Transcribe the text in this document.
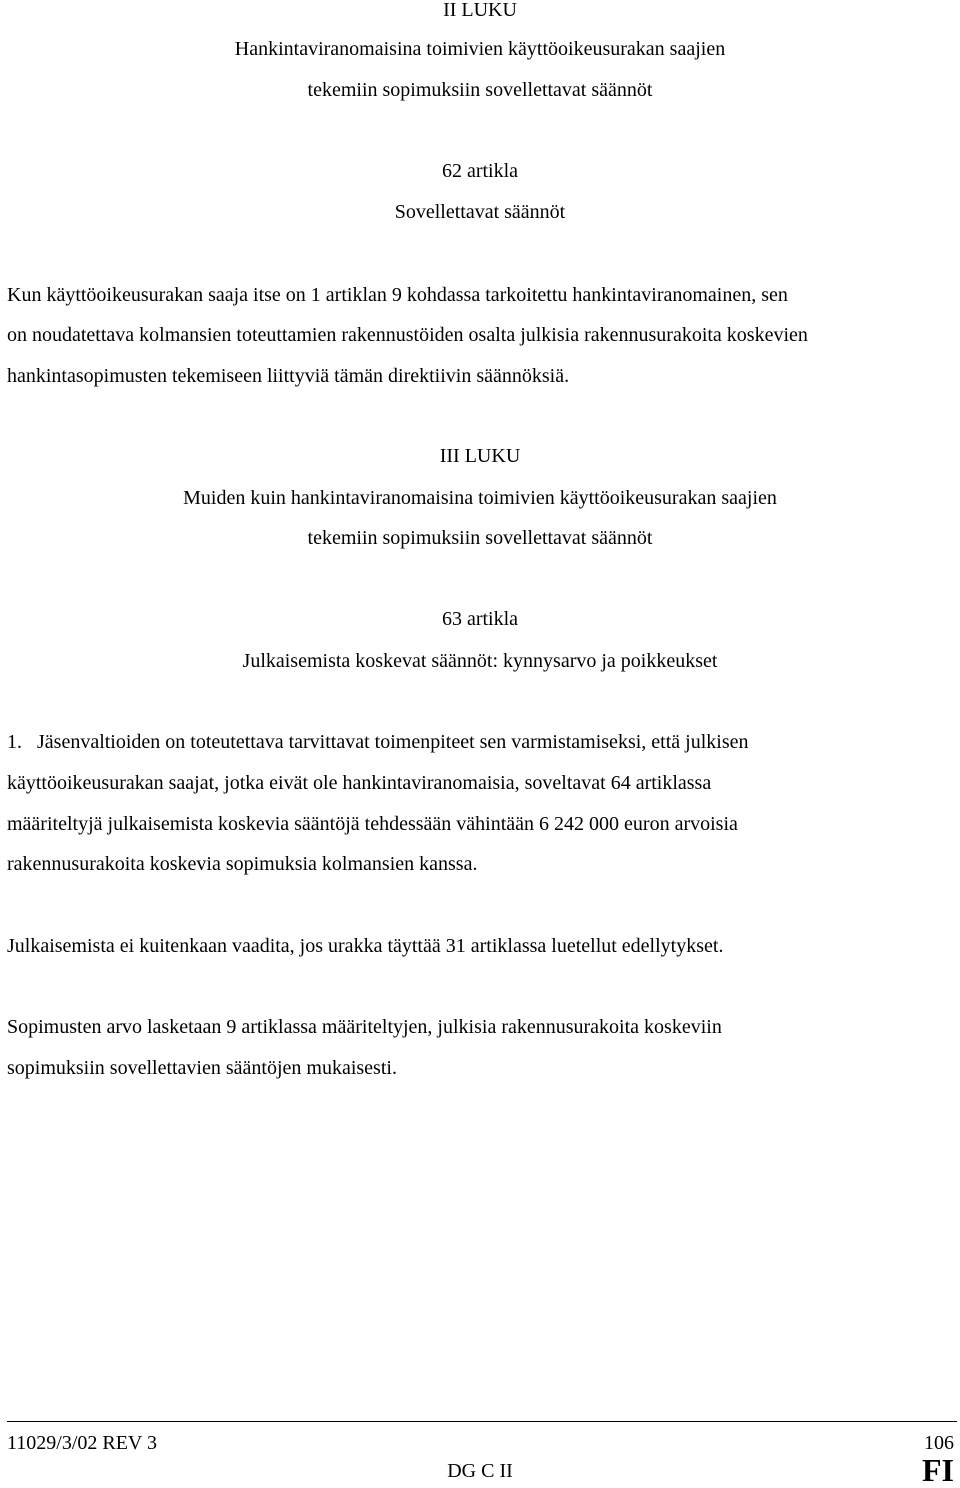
II LUKU
Hankintaviranomaisina toimivien käyttöoikeusurakan saajien
tekemiin sopimuksiin sovellettavat säännöt
62 artikla
Sovellettavat säännöt
Kun käyttöoikeusurakan saaja itse on 1 artiklan 9 kohdassa tarkoitettu hankintaviranomainen, sen
on noudatettava kolmansien toteuttamien rakennustöiden osalta julkisia rakennusurakoita koskevien
hankintasopimusten tekemiseen liittyviä tämän direktiivin säännöksiä.
III LUKU
Muiden kuin hankintaviranomaisina toimivien käyttöoikeusurakan saajien
tekemiin sopimuksiin sovellettavat säännöt
63 artikla
Julkaisemista koskevat säännöt: kynnysarvo ja poikkeukset
1.   Jäsenvaltioiden on toteutettava tarvittavat toimenpiteet sen varmistamiseksi, että julkisen
käyttöoikeusurakan saajat, jotka eivät ole hankintaviranomaisia, soveltavat 64 artiklassa
määriteltyjä julkaisemista koskevia sääntöjä tehdessään vähintään 6 242 000 euron arvoisia
rakennusurakoita koskevia sopimuksia kolmansien kanssa.
Julkaisemista ei kuitenkaan vaadita, jos urakka täyttää 31 artiklassa luetellut edellytykset.
Sopimusten arvo lasketaan 9 artiklassa määriteltyjen, julkisia rakennusurakoita koskeviin
sopimuksiin sovellettavien sääntöjen mukaisesti.
11029/3/02 REV 3
DG C II
106
FI
